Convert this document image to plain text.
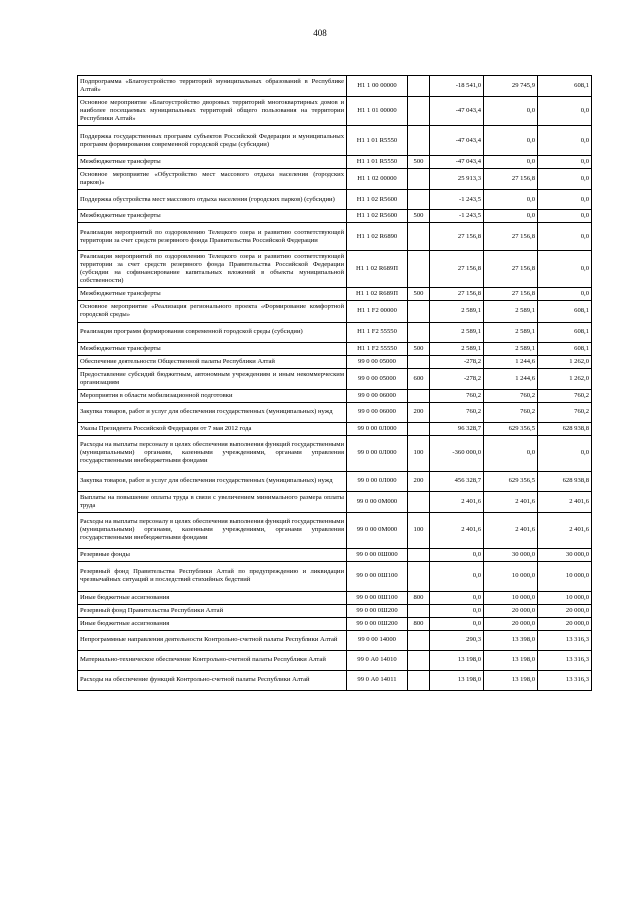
408
Подпрограмма «Благоустройство территорий муниципальных образований в Республике Алтай»	Н1 1 00 00000		-18 541,0	29 745,9	608,1
Основное мероприятие «Благоустройство дворовых территорий многоквартирных домов и наиболее посещаемых муниципальных территорий общего пользования на территории Республики Алтай»	Н1 1 01 00000		-47 043,4	0,0	0,0
Поддержка государственных программ субъектов Российской Федерации и муниципальных программ формирования современной городской среды (субсидии)	Н1 1 01 R5550		-47 043,4	0,0	0,0
Межбюджетные трансферты	Н1 1 01 R5550	500	-47 043,4	0,0	0,0
Основное мероприятие «Обустройство мест массового отдыха населения (городских парков)»	Н1 1 02 00000		25 913,3	27 156,8	0,0
Поддержка обустройства мест массового отдыха населения (городских парков) (субсидии)	Н1 1 02 R5600		-1 243,5	0,0	0,0
Межбюджетные трансферты	Н1 1 02 R5600	500	-1 243,5	0,0	0,0
Реализация мероприятий по оздоровлению Телецкого озера и развитию соответствующей территории за счет средств резервного фонда Правительства Российской Федерации	Н1 1 02 R6890		27 156,8	27 156,8	0,0
Реализация мероприятий по оздоровлению Телецкого озера и развитию соответствующей территории за счет средств резервного фонда Правительства Российской Федерации (субсидии на софинансирование капитальных вложений в объекты муниципальной собственности)	Н1 1 02 R689П		27 156,8	27 156,8	0,0
Межбюджетные трансферты	Н1 1 02 R689П	500	27 156,8	27 156,8	0,0
Основное мероприятие «Реализация регионального проекта «Формирование комфортной городской среды»	Н1 1 F2 00000		2 589,1	2 589,1	608,1
Реализация программ формирования современной городской среды (субсидии)	Н1 1 F2 55550		2 589,1	2 589,1	608,1
Межбюджетные трансферты	Н1 1 F2 55550	500	2 589,1	2 589,1	608,1
Обеспечение деятельности Общественной палаты Республики Алтай	99 0 00 05000		-278,2	1 244,6	1 262,0
Предоставление субсидий бюджетным, автономным учреждениям и иным некоммерческим организациям	99 0 00 05000	600	-278,2	1 244,6	1 262,0
Мероприятия в области мобилизационной подготовки	99 0 00 06000		760,2	760,2	760,2
Закупка товаров, работ и услуг для обеспечения государственных (муниципальных) нужд	99 0 00 06000	200	760,2	760,2	760,2
Указы Президента Российской Федерации от 7 мая 2012 года	99 0 00 0Л000		96 328,7	629 356,5	628 938,8
Расходы на выплаты персоналу в целях обеспечения выполнения функций государственными (муниципальными) органами, казенными учреждениями, органами управления государственными внебюджетными фондами	99 0 00 0Л000	100	-360 000,0	0,0	0,0
Закупка товаров, работ и услуг для обеспечения государственных (муниципальных) нужд	99 0 00 0Л000	200	456 328,7	629 356,5	628 938,8
Выплаты на повышение оплаты труда в связи с увеличением минимального размера оплаты труда	99 0 00 0М000		2 401,6	2 401,6	2 401,6
Расходы на выплаты персоналу в целях обеспечения выполнения функций государственными (муниципальными) органами, казенными учреждениями, органами управления государственными внебюджетными фондами	99 0 00 0М000	100	2 401,6	2 401,6	2 401,6
Резервные фонды	99 0 00 0Ш000		0,0	30 000,0	30 000,0
Резервный фонд Правительства Республики Алтай по предупреждению и ликвидации чрезвычайных ситуаций и последствий стихийных бедствий	99 0 00 0Ш100		0,0	10 000,0	10 000,0
Иные бюджетные ассигнования	99 0 00 0Ш100	800	0,0	10 000,0	10 000,0
Резервный фонд Правительства Республики Алтай	99 0 00 0Ш200		0,0	20 000,0	20 000,0
Иные бюджетные ассигнования	99 0 00 0Ш200	800	0,0	20 000,0	20 000,0
Непрограммные направления деятельности Контрольно-счетной палаты Республики Алтай	99 0 00 14000		290,3	13 398,0	13 316,3
Материально-техническое обеспечение Контрольно-счетной палаты Республики Алтай	99 0 А0 14010		13 198,0	13 198,0	13 316,3
Расходы на обеспечение функций Контрольно-счетной палаты Республики Алтай	99 0 А0 14011		13 198,0	13 198,0	13 316,3
